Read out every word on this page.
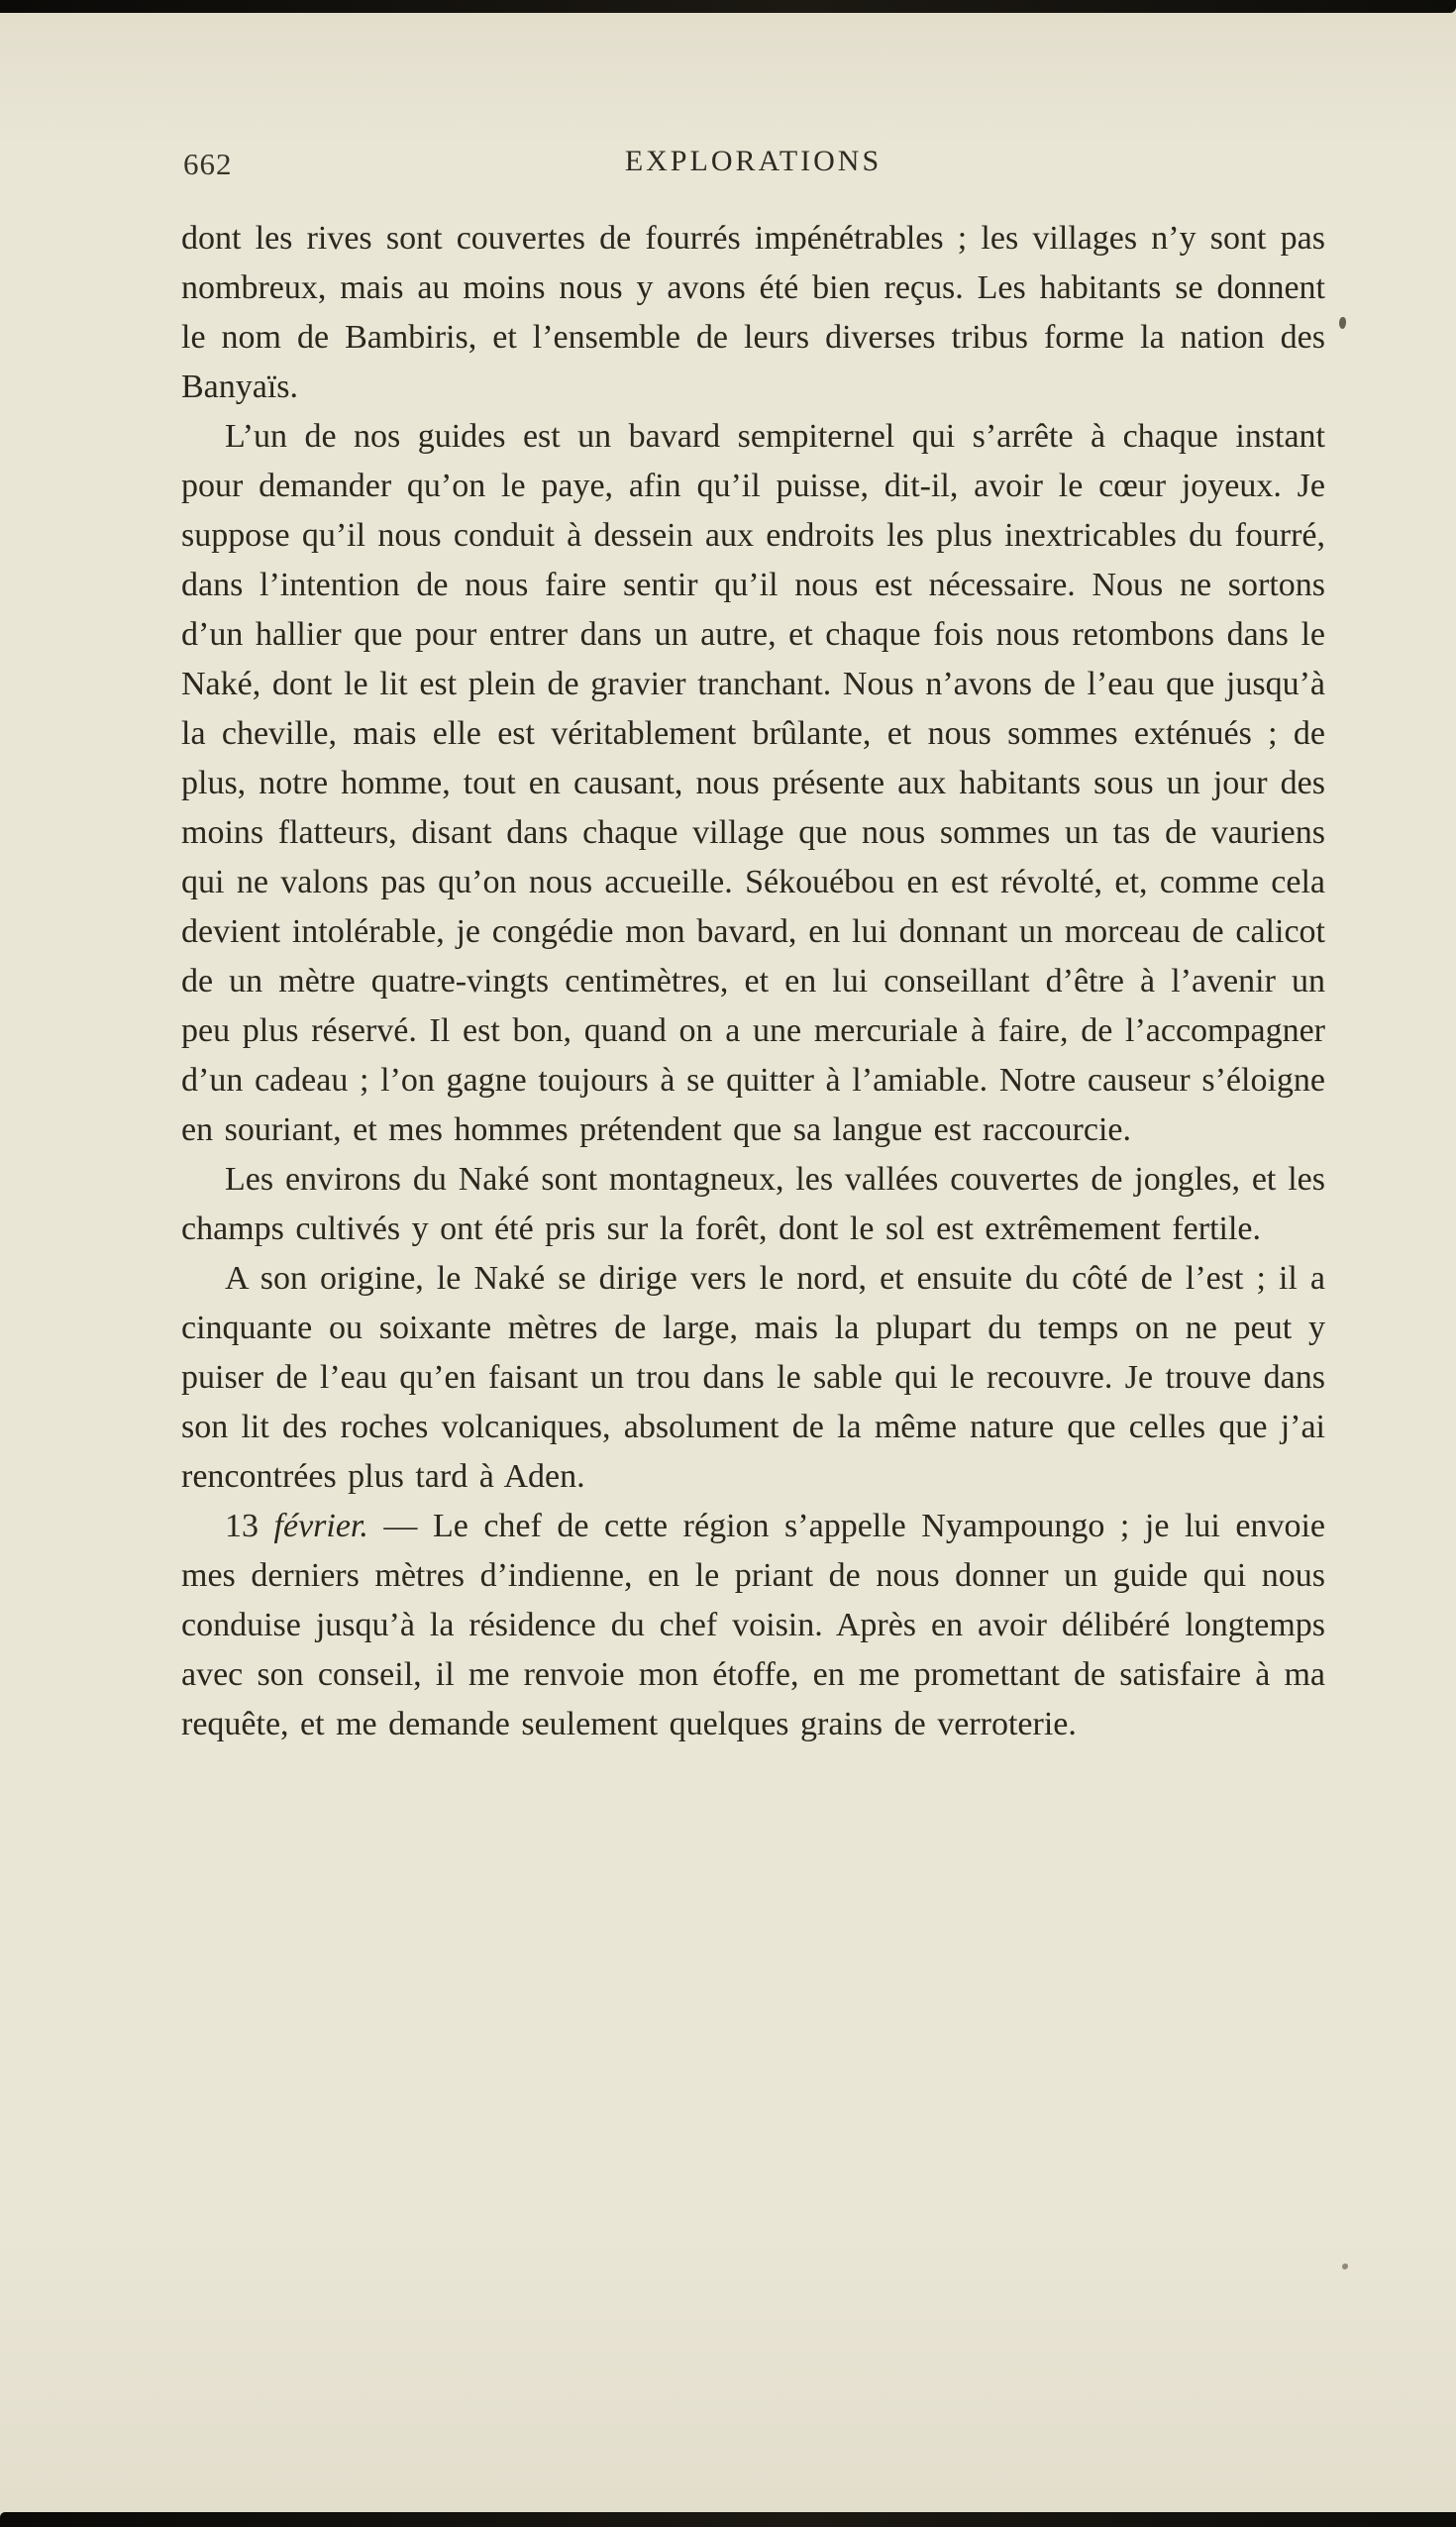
662	EXPLORATIONS

dont les rives sont couvertes de fourrés impénétrables ; les villages n’y sont pas nombreux, mais au moins nous y avons été bien reçus. Les habitants se donnent le nom de Bambiris, et l’ensemble de leurs diverses tribus forme la nation des Banyaïs.

L’un de nos guides est un bavard sempiternel qui s’arrête à chaque instant pour demander qu’on le paye, afin qu’il puisse, dit-il, avoir le cœur joyeux. Je suppose qu’il nous conduit à dessein aux endroits les plus inextricables du fourré, dans l’intention de nous faire sentir qu’il nous est nécessaire. Nous ne sortons d’un hallier que pour entrer dans un autre, et chaque fois nous retombons dans le Naké, dont le lit est plein de gravier tranchant. Nous n’avons de l’eau que jusqu’à la cheville, mais elle est véritablement brûlante, et nous sommes exténués ; de plus, notre homme, tout en causant, nous présente aux habitants sous un jour des moins flatteurs, disant dans chaque village que nous sommes un tas de vauriens qui ne valons pas qu’on nous accueille. Sékouébou en est révolté, et, comme cela devient intolérable, je congédie mon bavard, en lui donnant un morceau de calicot de un mètre quatre-vingts centimètres, et en lui conseillant d’être à l’avenir un peu plus réservé. Il est bon, quand on a une mercuriale à faire, de l’accompagner d’un cadeau ; l’on gagne toujours à se quitter à l’amiable. Notre causeur s’éloigne en souriant, et mes hommes prétendent que sa langue est raccourcie.

Les environs du Naké sont montagneux, les vallées couvertes de jongles, et les champs cultivés y ont été pris sur la forêt, dont le sol est extrêmement fertile.

A son origine, le Naké se dirige vers le nord, et ensuite du côté de l’est ; il a cinquante ou soixante mètres de large, mais la plupart du temps on ne peut y puiser de l’eau qu’en faisant un trou dans le sable qui le recouvre. Je trouve dans son lit des roches volcaniques, absolument de la même nature que celles que j’ai rencontrées plus tard à Aden.

13 février. — Le chef de cette région s’appelle Nyampoungo ; je lui envoie mes derniers mètres d’indienne, en le priant de nous donner un guide qui nous conduise jusqu’à la résidence du chef voisin. Après en avoir délibéré longtemps avec son conseil, il me renvoie mon étoffe, en me promettant de satisfaire à ma requête, et me demande seulement quelques grains de verroterie.
